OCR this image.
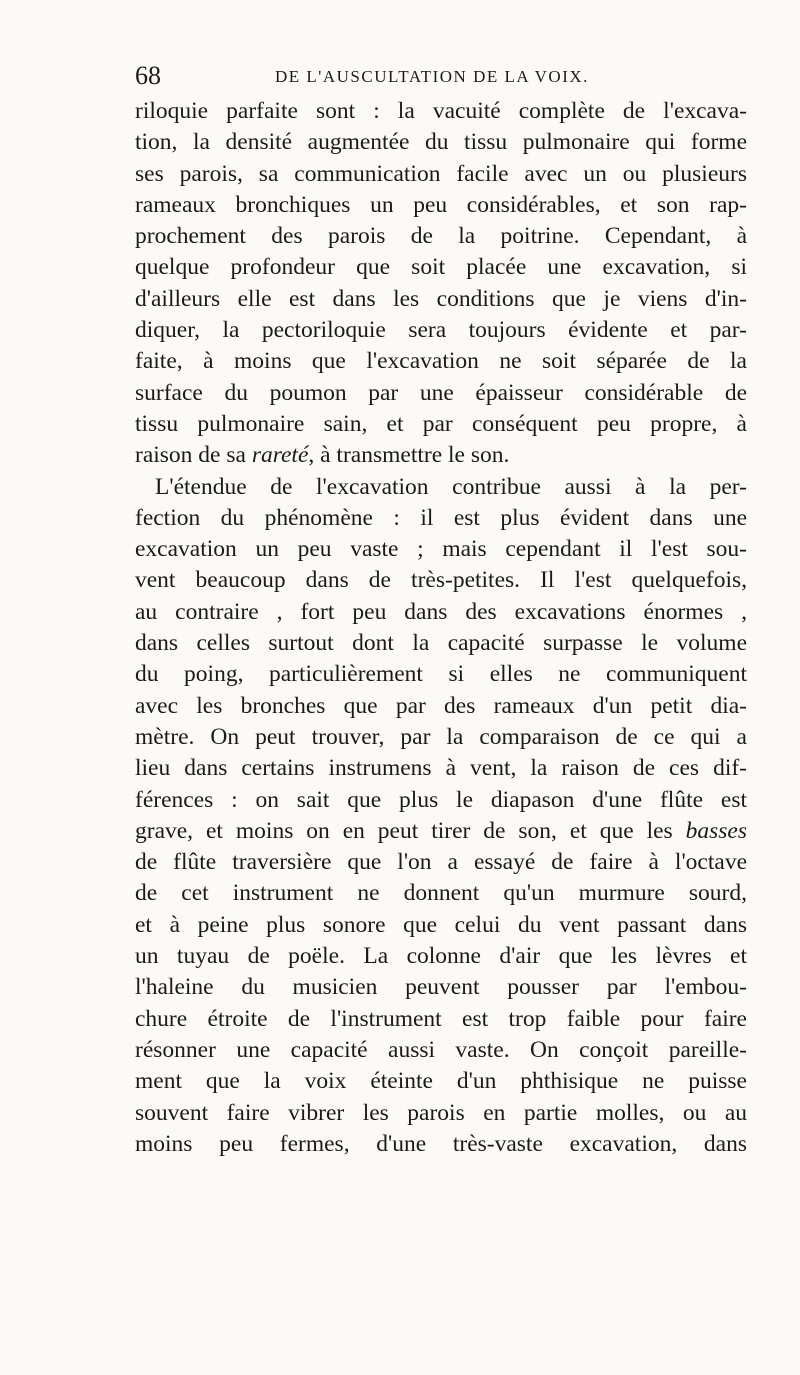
68	DE L'AUSCULTATION DE LA VOIX.
riloquie parfaite sont : la vacuité complète de l'excava-
tion, la densité augmentée du tissu pulmonaire qui forme
ses parois, sa communication facile avec un ou plusieurs
rameaux bronchiques un peu considérables, et son rap-
prochement des parois de la poitrine. Cependant, à
quelque profondeur que soit placée une excavation, si
d'ailleurs elle est dans les conditions que je viens d'in-
diquer, la pectoriloquie sera toujours évidente et par-
faite, à moins que l'excavation ne soit séparée de la
surface du poumon par une épaisseur considérable de
tissu pulmonaire sain, et par conséquent peu propre, à
raison de sa rareté, à transmettre le son.
L'étendue de l'excavation contribue aussi à la per-
fection du phénomène : il est plus évident dans une
excavation un peu vaste ; mais cependant il l'est sou-
vent beaucoup dans de très-petites. Il l'est quelquefois,
au contraire , fort peu dans des excavations énormes ,
dans celles surtout dont la capacité surpasse le volume
du poing, particulièrement si elles ne communiquent
avec les bronches que par des rameaux d'un petit dia-
mètre. On peut trouver, par la comparaison de ce qui a
lieu dans certains instrumens à vent, la raison de ces dif-
férences : on sait que plus le diapason d'une flûte est
grave, et moins on en peut tirer de son, et que les basses
de flûte traversière que l'on a essayé de faire à l'octave
de cet instrument ne donnent qu'un murmure sourd,
et à peine plus sonore que celui du vent passant dans
un tuyau de poële. La colonne d'air que les lèvres et
l'haleine du musicien peuvent pousser par l'embou-
chure étroite de l'instrument est trop faible pour faire
résonner une capacité aussi vaste. On conçoit pareille-
ment que la voix éteinte d'un phthisique ne puisse
souvent faire vibrer les parois en partie molles, ou au
moins peu fermes, d'une très-vaste excavation, dans
